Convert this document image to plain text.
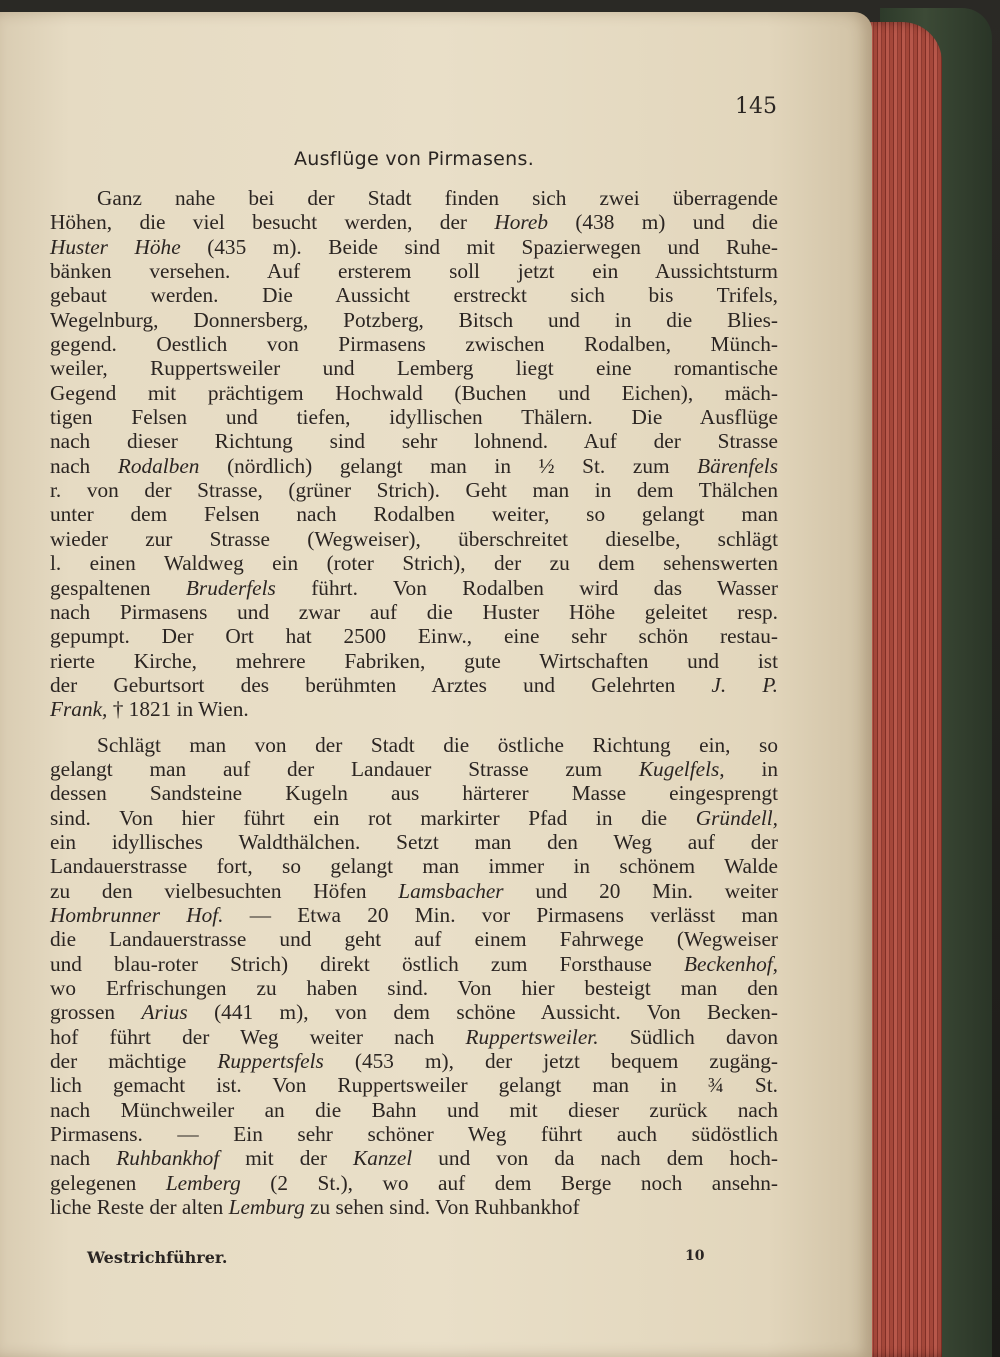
145
Ausflüge von Pirmasens.
Ganz nahe bei der Stadt finden sich zwei überragende
Höhen, die viel besucht werden, der Horeb (438 m) und die
Huster Höhe (435 m). Beide sind mit Spazierwegen und Ruhe-
bänken versehen. Auf ersterem soll jetzt ein Aussichtsturm
gebaut werden. Die Aussicht erstreckt sich bis Trifels,
Wegelnburg, Donnersberg, Potzberg, Bitsch und in die Blies-
gegend. Oestlich von Pirmasens zwischen Rodalben, Münch-
weiler, Ruppertsweiler und Lemberg liegt eine romantische
Gegend mit prächtigem Hochwald (Buchen und Eichen), mäch-
tigen Felsen und tiefen, idyllischen Thälern. Die Ausflüge
nach dieser Richtung sind sehr lohnend. Auf der Strasse
nach Rodalben (nördlich) gelangt man in ½ St. zum Bärenfels
r. von der Strasse, (grüner Strich). Geht man in dem Thälchen
unter dem Felsen nach Rodalben weiter, so gelangt man
wieder zur Strasse (Wegweiser), überschreitet dieselbe, schlägt
l. einen Waldweg ein (roter Strich), der zu dem sehenswerten
gespaltenen Bruderfels führt. Von Rodalben wird das Wasser
nach Pirmasens und zwar auf die Huster Höhe geleitet resp.
gepumpt. Der Ort hat 2500 Einw., eine sehr schön restau-
rierte Kirche, mehrere Fabriken, gute Wirtschaften und ist
der Geburtsort des berühmten Arztes und Gelehrten J. P.
Frank, † 1821 in Wien.
Schlägt man von der Stadt die östliche Richtung ein, so
gelangt man auf der Landauer Strasse zum Kugelfels, in
dessen Sandsteine Kugeln aus härterer Masse eingesprengt
sind. Von hier führt ein rot markirter Pfad in die Gründell,
ein idyllisches Waldthälchen. Setzt man den Weg auf der
Landauerstrasse fort, so gelangt man immer in schönem Walde
zu den vielbesuchten Höfen Lamsbacher und 20 Min. weiter
Hombrunner Hof. — Etwa 20 Min. vor Pirmasens verlässt man
die Landauerstrasse und geht auf einem Fahrwege (Wegweiser
und blau-roter Strich) direkt östlich zum Forsthause Beckenhof,
wo Erfrischungen zu haben sind. Von hier besteigt man den
grossen Arius (441 m), von dem schöne Aussicht. Von Becken-
hof führt der Weg weiter nach Ruppertsweiler. Südlich davon
der mächtige Ruppertsfels (453 m), der jetzt bequem zugäng-
lich gemacht ist. Von Ruppertsweiler gelangt man in ¾ St.
nach Münchweiler an die Bahn und mit dieser zurück nach
Pirmasens. — Ein sehr schöner Weg führt auch südöstlich
nach Ruhbankhof mit der Kanzel und von da nach dem hoch-
gelegenen Lemberg (2 St.), wo auf dem Berge noch ansehn-
liche Reste der alten Lemburg zu sehen sind. Von Ruhbankhof
Westrichführer.	10
